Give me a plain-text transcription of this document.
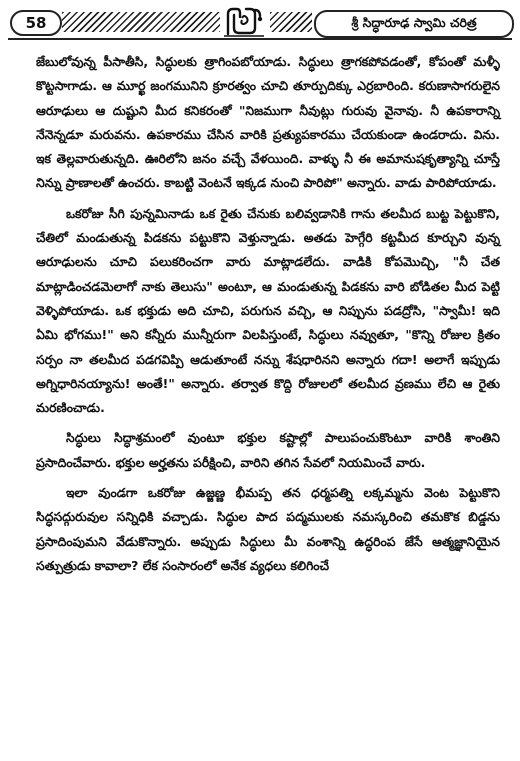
58	శ్రీ సిద్ధారూఢ స్వామి చరిత్ర

జేబులోవున్న పీసాతీసి, సిద్ధులకు త్రాగింపబోయాడు. సిద్ధులు త్రాగకపోవడంతో, కోపంతో మళ్ళీ కొట్టసాగాడు. ఆ మూర్ఖ జంగమునిని క్రూరత్వం చూచి తూర్పుదిక్కు ఎర్రబారింది. కరుణాసాగరులైన ఆరూఢులు ఆ దుష్టుని మీద కనికరంతో "నిజముగా నీవుట్లు గురువు వైనావు. నీ ఉపకారాన్ని నేనెన్నడూ మరువను. ఉపకారము చేసిన వారికి ప్రత్యుపకారము చేయకుండా ఉండరాదు. విను. ఇక తెల్లవారుతున్నది. ఊరిలోని జనం వచ్చే వేళయింది. వాళ్ళు నీ ఈ అమానుషకృత్యాన్ని చూస్తే నిన్ను ప్రాణాలతో ఉంచరు. కాబట్టి వెంటనే ఇక్కడ నుంచి పారిపో" అన్నారు. వాడు పారిపోయాడు.

ఒకరోజు సీగి పున్నమినాడు ఒక రైతు చేనుకు బలివ్వడానికి గాను తలమీద బుట్ట పెట్టుకొని, చేతిలో మండుతున్న పిడకను పట్టుకొని వెళ్తున్నాడు. అతడు హెగ్గేరి కట్టమీద కూర్చుని వున్న ఆరూఢులను చూచి పలుకరించగా వారు మాట్లాడలేదు. వాడికి కోపమొచ్చి, "నీ చేత మాట్లాడించడమెలాగో నాకు తెలుసు" అంటూ, ఆ మండుతున్న పిడకను వారి బోడితల మీద పెట్టి వెళ్ళిపోయాడు. ఒక భక్తుడు అది చూచి, పరుగున వచ్చి, ఆ నిప్పును పడద్రోసి, "స్వామీ! ఇది ఏమి భోగము!" అని కన్నీరు మున్నీరుగా విలపిస్తుంటే, సిద్ధులు నవ్వుతూ, "కొన్ని రోజుల క్రితం సర్పం నా తలమీద పడగవిప్పి ఆడుతూంటే నన్ను శేషధారినని అన్నారు గదా! అలాగే ఇప్పుడు అగ్నిధారినయ్యాను! అంతే!" అన్నారు. తర్వాత కొద్ది రోజులలో తలమీద వ్రణము లేచి ఆ రైతు మరణించాడు.

సిద్ధులు సిద్ధాశ్రమంలో వుంటూ భక్తుల కష్టాల్లో పాలుపంచుకొంటూ వారికి శాంతిని ప్రసాదించేవారు. భక్తుల అర్హతను పరీక్షించి, వారిని తగిన సేవలో నియమించే వారు.

ఇలా వుండగా ఒకరోజు ఉజ్జణ్ణ భీమప్ప తన ధర్మపత్ని లక్కమ్మను వెంట పెట్టుకొని సిద్ధసద్గురువుల సన్నిధికి వచ్చాడు. సిద్ధుల పాద పద్మములకు నమస్కరించి తమకొక బిడ్డను ప్రసాదింపుమని వేడుకొన్నారు. అప్పుడు సిద్ధులు మీ వంశాన్ని ఉద్ధరింప జేసే ఆత్మజ్ఞానియైన సత్పుత్రుడు కావాలా? లేక సంసారంలో అనేక వ్యధలు కలిగించే
